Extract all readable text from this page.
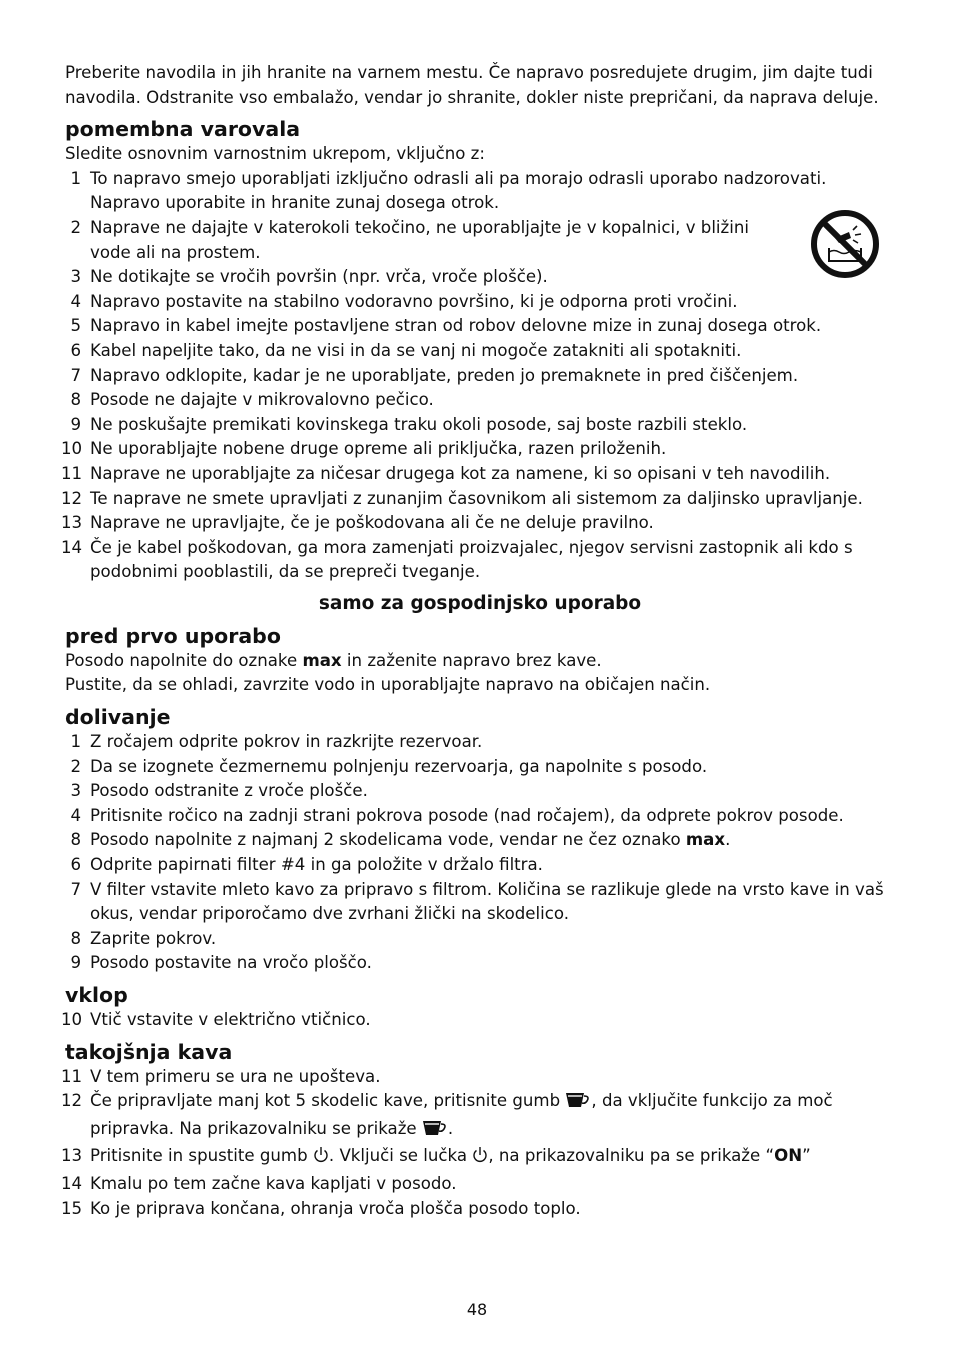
Preberite navodila in jih hranite na varnem mestu. Če napravo posredujete drugim, jim dajte tudi navodila. Odstranite vso embalažo, vendar jo shranite, dokler niste prepričani, da naprava deluje.

pomembna varovala

Sledite osnovnim varnostnim ukrepom, vključno z:

1 To napravo smejo uporabljati izključno odrasli ali pa morajo odrasli uporabo nadzorovati. Napravo uporabite in hranite zunaj dosega otrok.
2 Naprave ne dajajte v katerokoli tekočino, ne uporabljajte je v kopalnici, v bližini vode ali na prostem.
3 Ne dotikajte se vročih površin (npr. vrča, vroče plošče).
4 Napravo postavite na stabilno vodoravno površino, ki je odporna proti vročini.
5 Napravo in kabel imejte postavljene stran od robov delovne mize in zunaj dosega otrok.
6 Kabel napeljite tako, da ne visi in da se vanj ni mogoče zatakniti ali spotakniti.
7 Napravo odklopite, kadar je ne uporabljate, preden jo premaknete in pred čiščenjem.
8 Posode ne dajajte v mikrovalovno pečico.
9 Ne poskušajte premikati kovinskega traku okoli posode, saj boste razbili steklo.
10 Ne uporabljajte nobene druge opreme ali priključka, razen priloženih.
11 Naprave ne uporabljajte za ničesar drugega kot za namene, ki so opisani v teh navodilih.
12 Te naprave ne smete upravljati z zunanjim časovnikom ali sistemom za daljinsko upravljanje.
13 Naprave ne upravljajte, če je poškodovana ali če ne deluje pravilno.
14 Če je kabel poškodovan, ga mora zamenjati proizvajalec, njegov servisni zastopnik ali kdo s podobnimi pooblastili, da se prepreči tveganje.

samo za gospodinjsko uporabo

pred prvo uporabo

Posodo napolnite do oznake max in zaženite napravo brez kave.

Pustite, da se ohladi, zavrzite vodo in uporabljajte napravo na običajen način.

dolivanje
1 Z ročajem odprite pokrov in razkrijte rezervoar.
2 Da se izognete čezmernemu polnjenju rezervoarja, ga napolnite s posodo.
3 Posodo odstranite z vroče plošče.
4 Pritisnite ročico na zadnji strani pokrova posode (nad ročajem), da odprete pokrov posode.
8 Posodo napolnite z najmanj 2 skodelicama vode, vendar ne čez oznako max.
6 Odprite papirnati filter #4 in ga položite v držalo filtra.
7 V filter vstavite mleto kavo za pripravo s filtrom. Količina se razlikuje glede na vrsto kave in vaš okus, vendar priporočamo dve zvrhani žlički na skodelico.
8 Zaprite pokrov.
9 Posodo postavite na vročo ploščo.
vklop
10 Vtič vstavite v električno vtičnico.
takojšnja kava
11 V tem primeru se ura ne upošteva.
12 Če pripravljate manj kot 5 skodelic kave, pritisnite gumb , da vključite funkcijo za moč pripravka. Na prikazovalniku se prikaže .
13 Pritisnite in spustite gumb . Vključi se lučka , na prikazovalniku pa se prikaže “ON”
14 Kmalu po tem začne kava kapljati v posodo.
15 Ko je priprava končana, ohranja vroča plošča posodo toplo.
48
